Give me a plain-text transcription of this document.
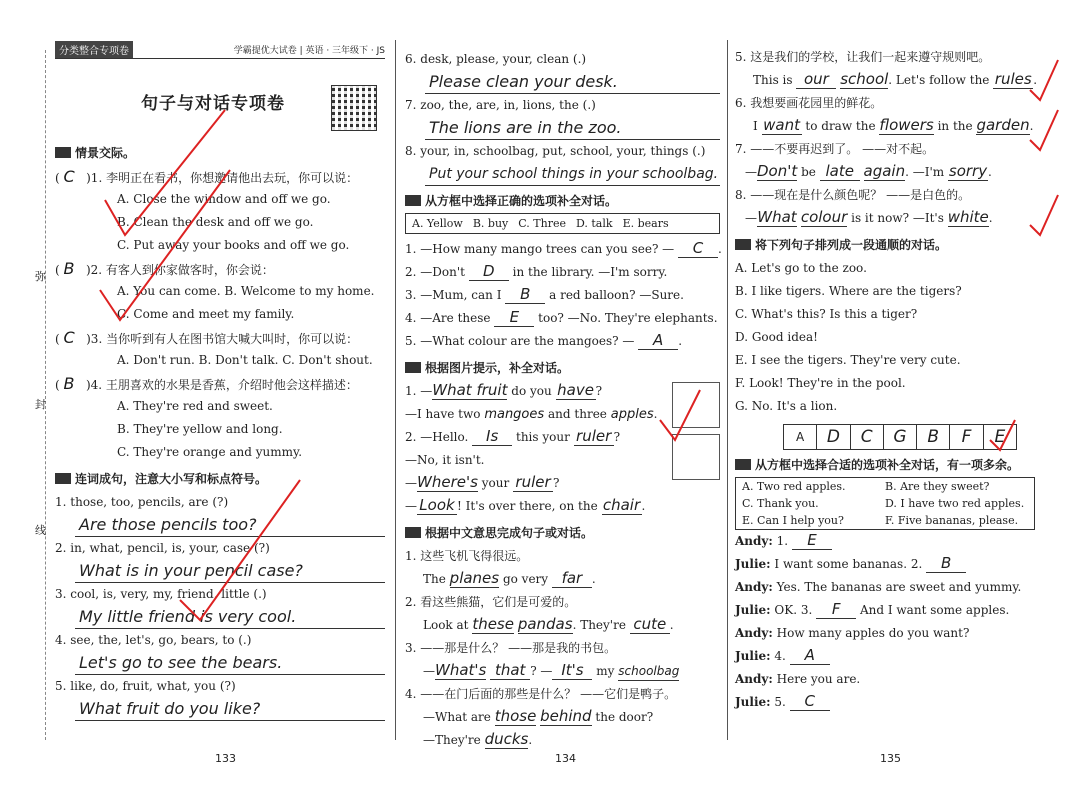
弥
封
线
分类整合专项卷	学霸提优大试卷 | 英语 · 三年级下 · JS
句子与对话专项卷
情景交际。
( C )1. 李明正在看书，你想邀请他出去玩，你可以说：
A. Close the window and off we go.
B. Clean the desk and off we go.
C. Put away your books and off we go.
( B )2. 有客人到你家做客时，你会说：
A. You can come. B. Welcome to my home.
C. Come and meet my family.
( C )3. 当你听到有人在图书馆大喊大叫时，你可以说：
A. Don't run. B. Don't talk. C. Don't shout.
( B )4. 王朋喜欢的水果是香蕉，介绍时他会这样描述：
A. They're red and sweet.
B. They're yellow and long.
C. They're orange and yummy.
连词成句，注意大小写和标点符号。
1. those, too, pencils, are (?)
Are those pencils too?
2. in, what, pencil, is, your, case (?)
What is in your pencil case?
3. cool, is, very, my, friend, little (.)
My little friend is very cool.
4. see, the, let's, go, bears, to (.)
Let's go to see the bears.
5. like, do, fruit, what, you (?)
What fruit do you like?
6. desk, please, your, clean (.)
Please clean your desk.
7. zoo, the, are, in, lions, the (.)
The lions are in the zoo.
8. your, in, schoolbag, put, school, your, things (.)
Put your school things in your schoolbag.
从方框中选择正确的选项补全对话。
A. Yellow B. buy C. Three D. talk E. bears
1. —How many mango trees can you see? — C .
2. —Don't D in the library. —I'm sorry.
3. —Mum, can I B a red balloon? —Sure.
4. —Are these E too? —No. They're elephants.
5. —What colour are the mangoes? — A .
根据图片提示，补全对话。
1. —What fruit do you have ?
—I have two mangoes and three apples.
2. —Hello. Is this your ruler ?
—No, it isn't.
—Where's your ruler ?
— Look ! It's over there, on the chair.
根据中文意思完成句子或对话。
1. 这些飞机飞得很远。
The planes go very far .
2. 看这些熊猫，它们是可爱的。
Look at these pandas. They're cute .
3. ——那是什么？ ——那是我的书包。
—What's that ? — It's my schoolbag
4. ——在门后面的那些是什么？ ——它们是鸭子。
—What are those behind the door?
—They're ducks.
5. 这是我们的学校，让我们一起来遵守规则吧。
This is our school. Let's follow the rules .
6. 我想要画花园里的鲜花。
I want to draw the flowers in the garden.
7. ——不要再迟到了。 ——对不起。
—Don't be late again. —I'm sorry.
8. ——现在是什么颜色呢？ ——是白色的。
—What colour is it now? —It's white.
将下列句子排列成一段通顺的对话。
A. Let's go to the zoo.
B. I like tigers. Where are the tigers?
C. What's this? Is this a tiger?
D. Good idea!
E. I see the tigers. They're very cute.
F. Look! They're in the pool.
G. No. It's a lion.
A	D	C	G	B	F	E
从方框中选择合适的选项补全对话，有一项多余。
A. Two red apples.	B. Are they sweet?
C. Thank you.	D. I have two red apples.
E. Can I help you?	F. Five bananas, please.
Andy: 1. E
Julie: I want some bananas. 2. B
Andy: Yes. The bananas are sweet and yummy.
Julie: OK. 3. F And I want some apples.
Andy: How many apples do you want?
Julie: 4. A
Andy: Here you are.
Julie: 5. C
133	134	135
